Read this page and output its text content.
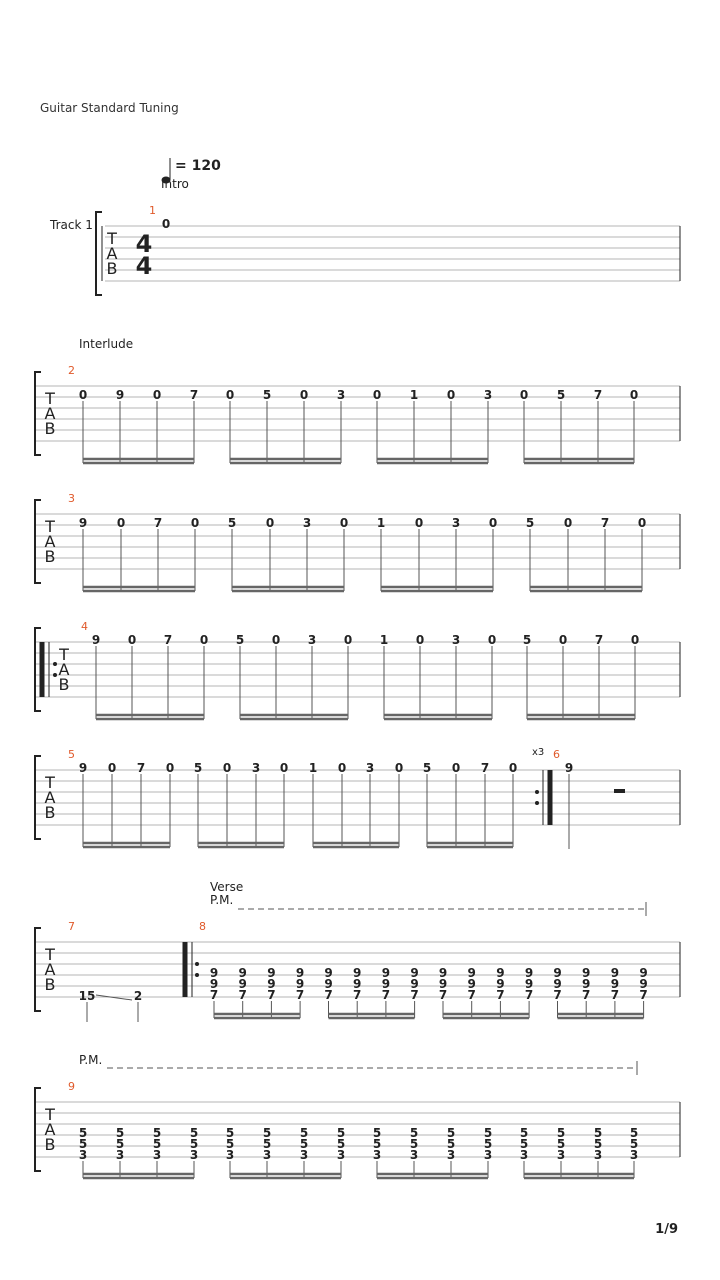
Guitar Standard Tuning
1/9
= 120
Intro
Track 1
T
A
B
4
4
1
0
Interlude
T
A
B
2
0 9 0 7 0 5 0 3 0 1 0 3 0 5 7 0
T
A
B
3
9 0 7 0 5 0 3 0 1 0 3 0 5 0 7 0
T
A
B
4
9 0 7 0 5 0 3 0 1 0 3 0 5 0 7 0
T
A
B
5
9 0 7 0 5 0 3 0 1 0 3 0 5 0 7 0
x3 6
9
Verse
P.M.
T
A
B
7
15	2
8
9
9
7
9
9
7
9
9
7
9
9
7
9
9
7
9
9
7
9
9
7
9
9
7
9
9
7
9
9
7
9
9
7
9
9
7
9
9
7
9
9
7
9
9
7
9
9
7
P.M.
T
A
B
9
5
5
3
5
5
3
5
5
3
5
5
3
5
5
3
5
5
3
5
5
3
5
5
3
5
5
3
5
5
3
5
5
3
5
5
3
5
5
3
5
5
3
5
5
3
5
5
3
